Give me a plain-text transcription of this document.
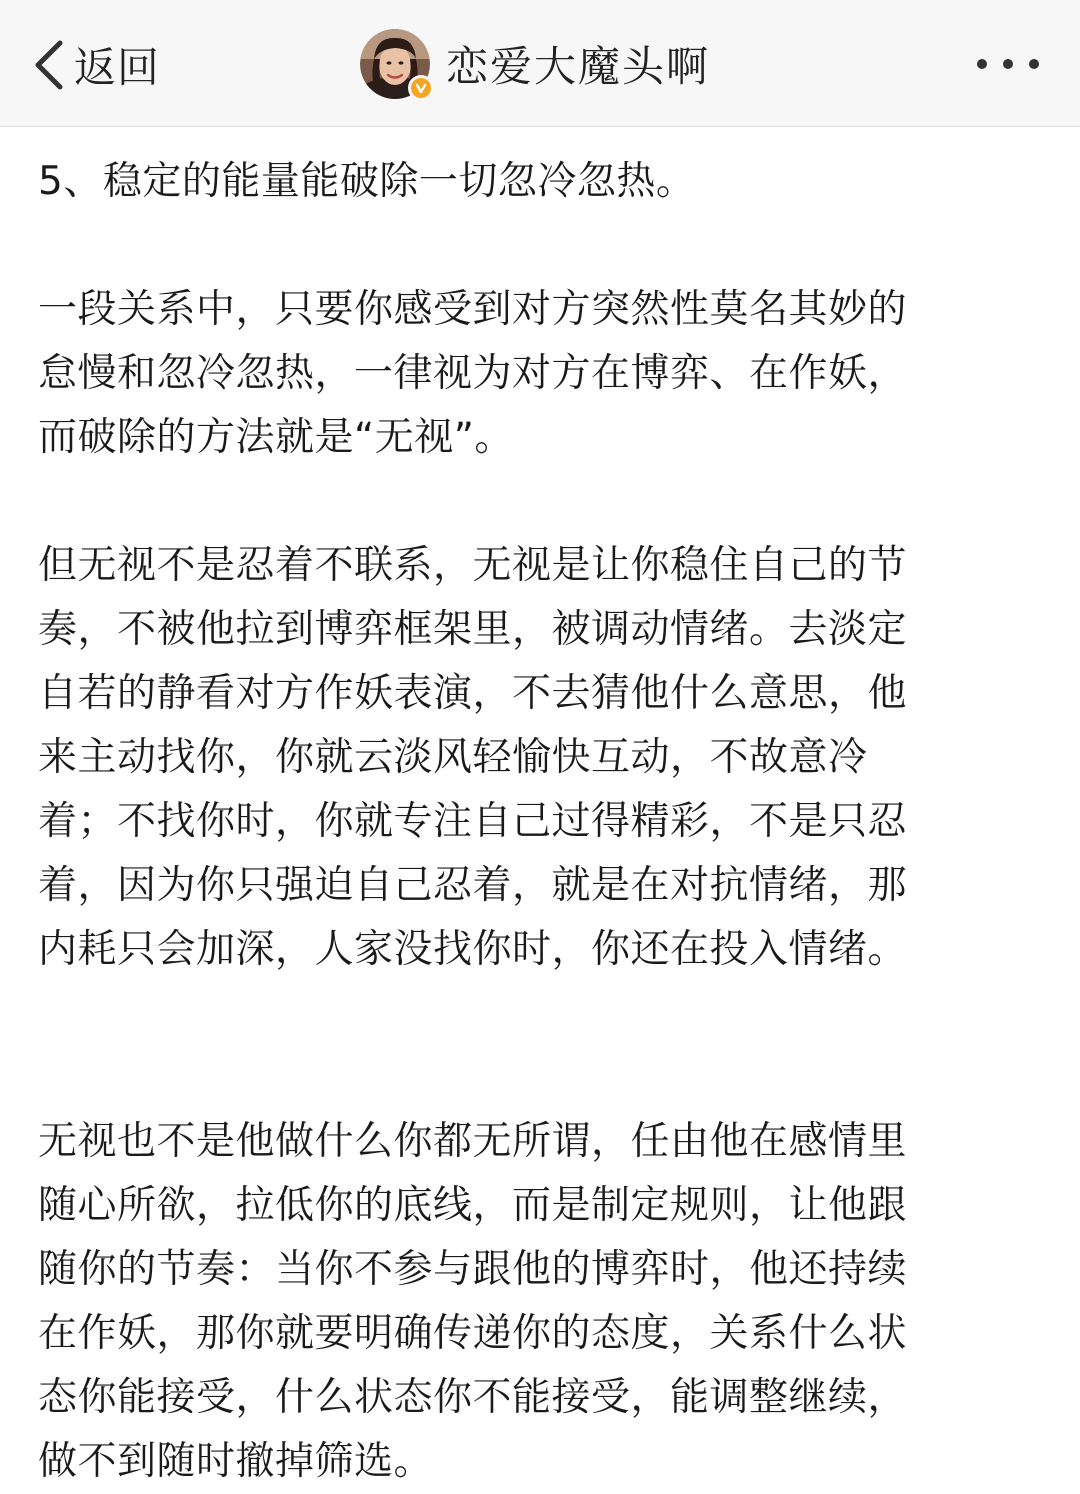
返回	恋爱大魔头啊

5、稳定的能量能破除一切忽冷忽热。

一段关系中，只要你感受到对方突然性莫名其妙的
怠慢和忽冷忽热，一律视为对方在博弈、在作妖，
而破除的方法就是“无视”。

但无视不是忍着不联系，无视是让你稳住自己的节
奏，不被他拉到博弈框架里，被调动情绪。去淡定
自若的静看对方作妖表演，不去猜他什么意思，他
来主动找你，你就云淡风轻愉快互动，不故意冷
着；不找你时，你就专注自己过得精彩，不是只忍
着，因为你只强迫自己忍着，就是在对抗情绪，那
内耗只会加深，人家没找你时，你还在投入情绪。

无视也不是他做什么你都无所谓，任由他在感情里
随心所欲，拉低你的底线，而是制定规则，让他跟
随你的节奏：当你不参与跟他的博弈时，他还持续
在作妖，那你就要明确传递你的态度，关系什么状
态你能接受，什么状态你不能接受，能调整继续，
做不到随时撤掉筛选。
